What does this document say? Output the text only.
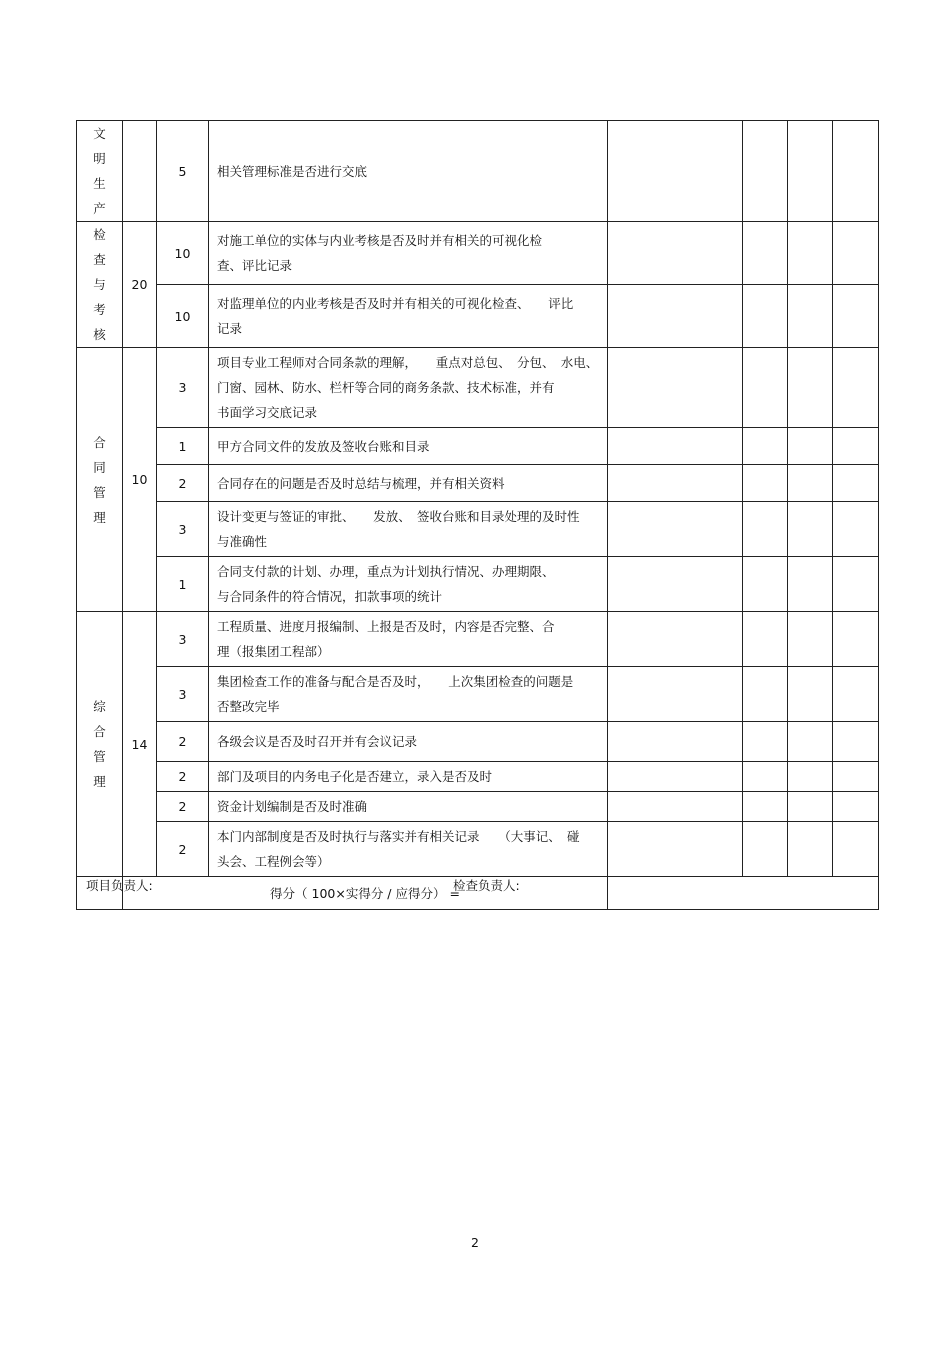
文
明
生
产		5	相关管理标准是否进行交底				

检
查
与
考
核	20	10	对施工单位的实体与内业考核是否及时并有相关的可视化检
查、评比记录				

		10	对监理单位的内业考核是否及时并有相关的可视化检查、　　评比
记录				

合
同
管
理	10	3	项目专业工程师对合同条款的理解，　　重点对总包、　分包、　水电、
门窗、园林、防水、栏杆等合同的商务条款、技术标准，并有
书面学习交底记录				

		1	甲方合同文件的发放及签收台账和目录				

		2	合同存在的问题是否及时总结与梳理，并有相关资料				

		3	设计变更与签证的审批、　　发放、　签收台账和目录处理的及时性
与准确性				

		1	合同支付款的计划、办理，重点为计划执行情况、办理期限、
与合同条件的符合情况，扣款事项的统计				

综
合
管
理	14	3	工程质量、进度月报编制、上报是否及时，内容是否完整、合
理（报集团工程部）				

		3	集团检查工作的准备与配合是否及时，　　上次集团检查的问题是
否整改完毕				

		2	各级会议是否及时召开并有会议记录				

		2	部门及项目的内务电子化是否建立，录入是否及时				

		2	资金计划编制是否及时准确				

		2	本门内部制度是否及时执行与落实并有相关记录　　（大事记、　碰
头会、工程例会等）				

	得分（ 100×实得分 / 应得分） =						
项目负责人:	检查负责人:
2
